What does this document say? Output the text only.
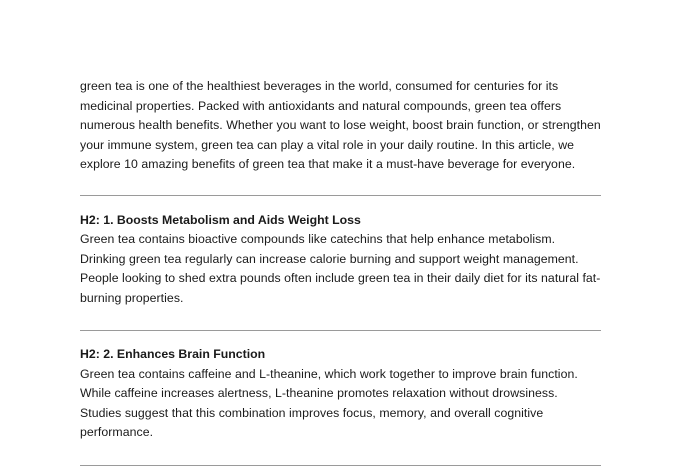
green tea is one of the healthiest beverages in the world, consumed for centuries for its medicinal properties. Packed with antioxidants and natural compounds, green tea offers numerous health benefits. Whether you want to lose weight, boost brain function, or strengthen your immune system, green tea can play a vital role in your daily routine. In this article, we explore 10 amazing benefits of green tea that make it a must-have beverage for everyone.

H2: 1. Boosts Metabolism and Aids Weight Loss

Green tea contains bioactive compounds like catechins that help enhance metabolism. Drinking green tea regularly can increase calorie burning and support weight management. People looking to shed extra pounds often include green tea in their daily diet for its natural fat-burning properties.

H2: 2. Enhances Brain Function

Green tea contains caffeine and L-theanine, which work together to improve brain function. While caffeine increases alertness, L-theanine promotes relaxation without drowsiness. Studies suggest that this combination improves focus, memory, and overall cognitive performance.
